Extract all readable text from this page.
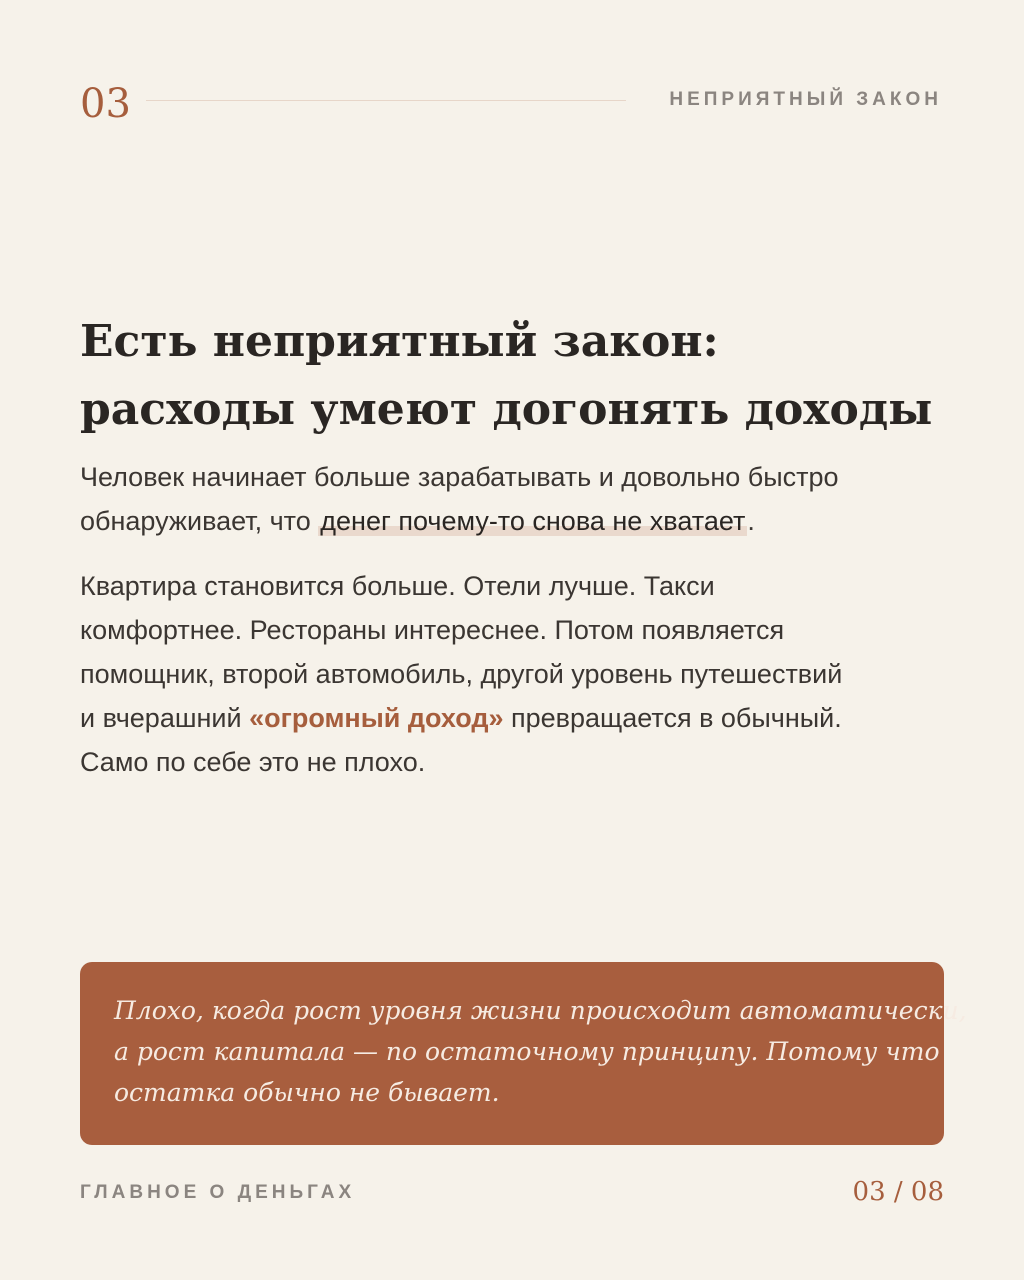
03	НЕПРИЯТНЫЙ ЗАКОН
Есть неприятный закон:
расходы умеют догонять доходы

Человек начинает больше зарабатывать и довольно быстро
обнаруживает, что денег почему-то снова не хватает.

Квартира становится больше. Отели лучше. Такси
комфортнее. Рестораны интереснее. Потом появляется
помощник, второй автомобиль, другой уровень путешествий
и вчерашний «огромный доход» превращается в обычный.
Само по себе это не плохо.

Плохо, когда рост уровня жизни происходит автоматически,
а рост капитала — по остаточному принципу. Потому что
остатка обычно не бывает.

ГЛАВНОЕ О ДЕНЬГАХ	03 / 08
